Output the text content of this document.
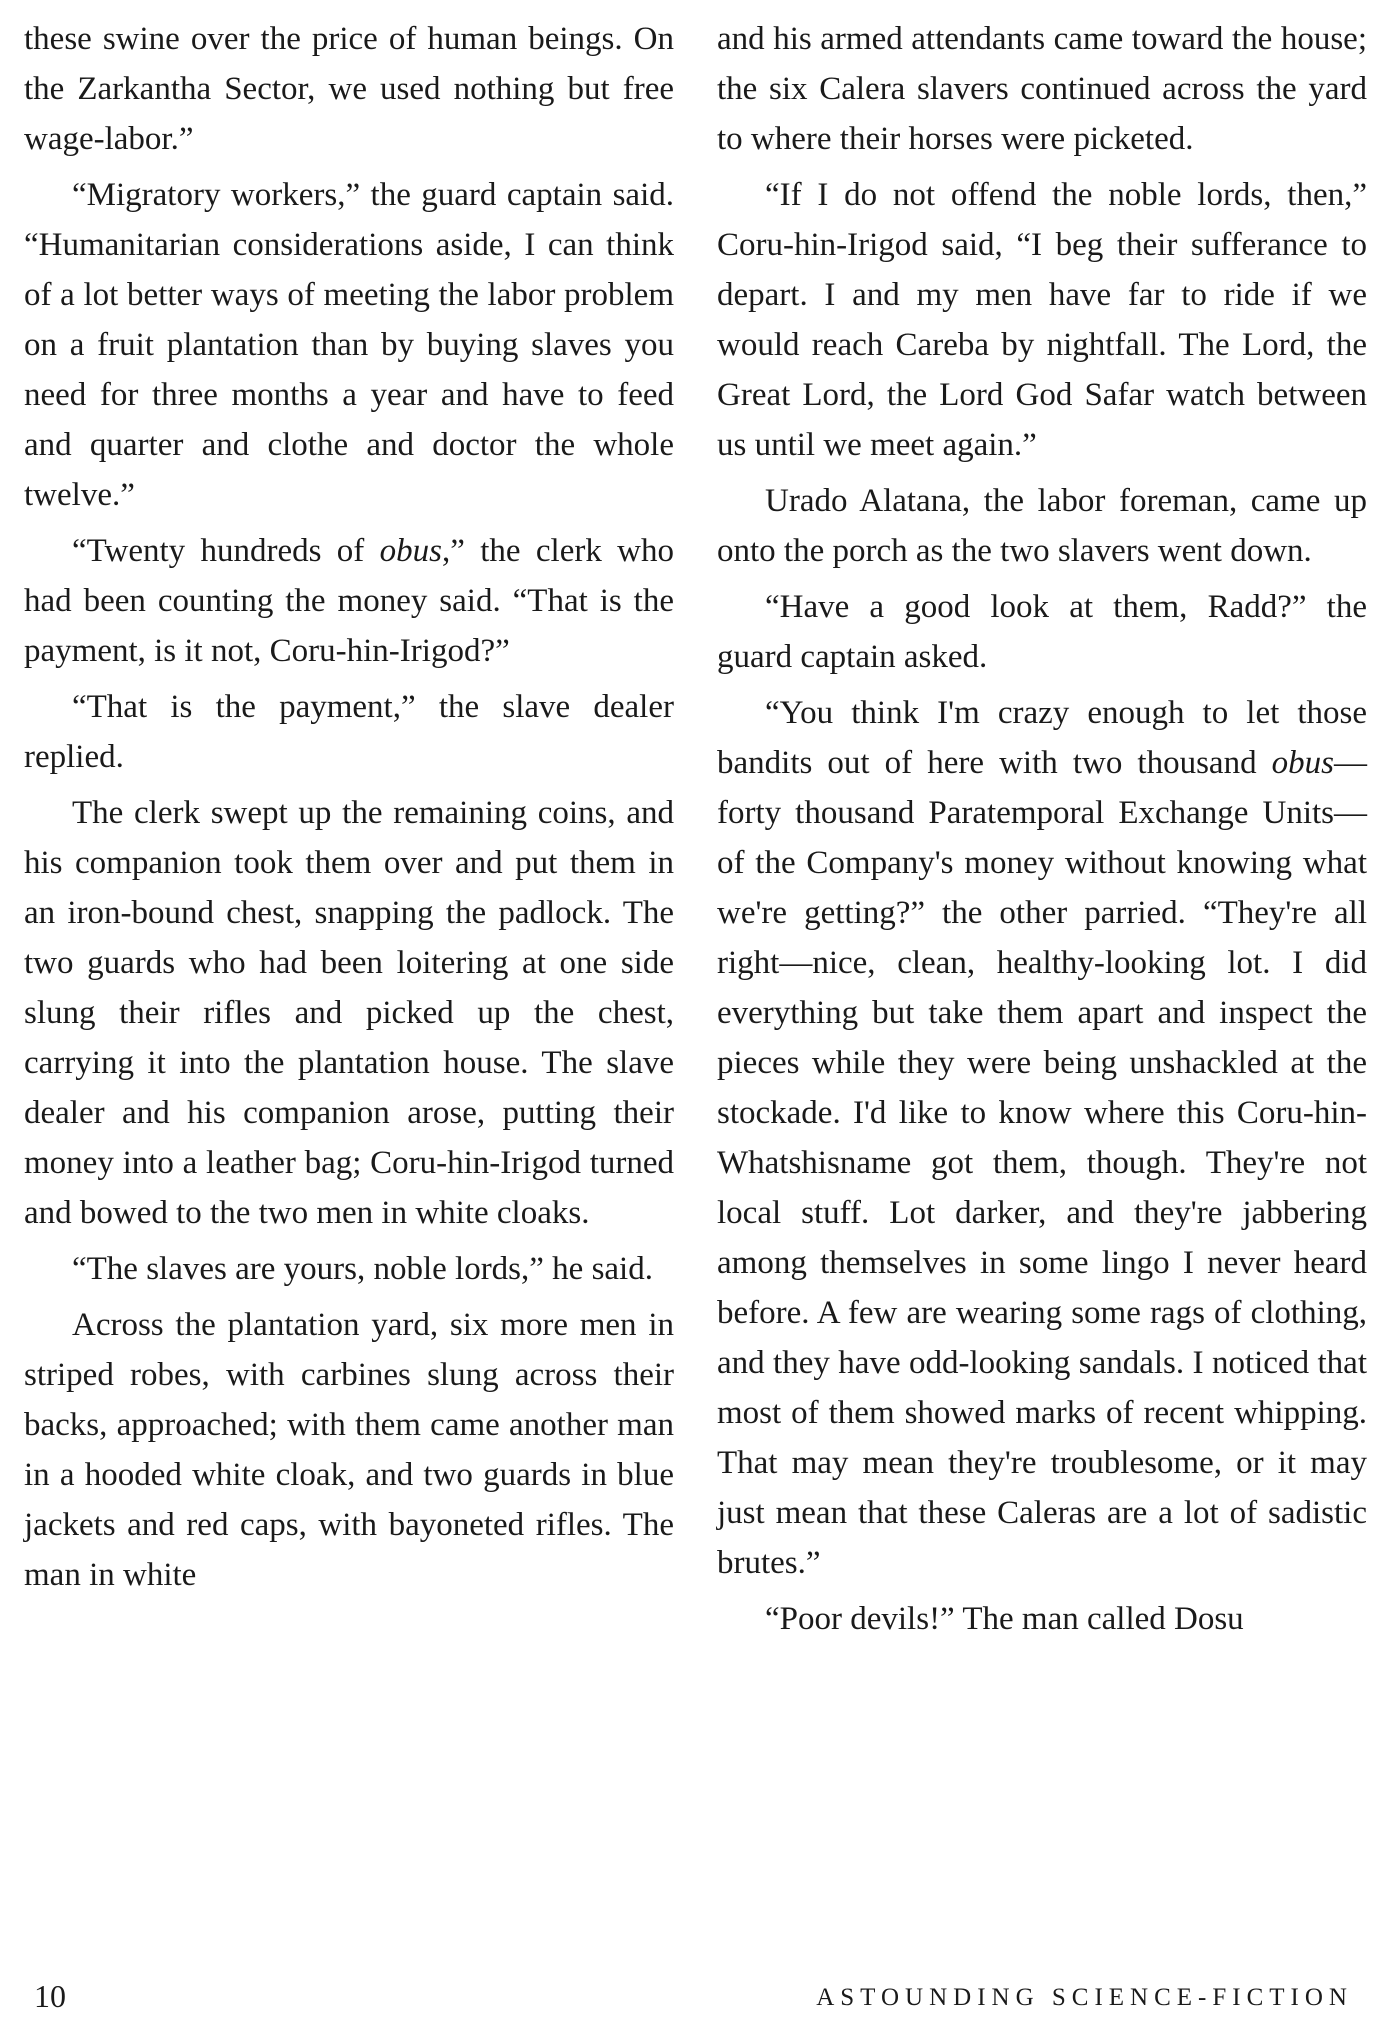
these swine over the price of human beings. On the Zarkantha Sector, we used nothing but free wage-labor.”

“Migratory workers,” the guard captain said. “Humanitarian considerations aside, I can think of a lot better ways of meeting the labor problem on a fruit plantation than by buying slaves you need for three months a year and have to feed and quarter and clothe and doctor the whole twelve.”

“Twenty hundreds of obus,” the clerk who had been counting the money said. “That is the payment, is it not, Coru-hin-Irigod?”

“That is the payment,” the slave dealer replied.

The clerk swept up the remaining coins, and his companion took them over and put them in an iron-bound chest, snapping the padlock. The two guards who had been loitering at one side slung their rifles and picked up the chest, carrying it into the plantation house. The slave dealer and his companion arose, putting their money into a leather bag; Coru-hin-Irigod turned and bowed to the two men in white cloaks.

“The slaves are yours, noble lords,” he said.

Across the plantation yard, six more men in striped robes, with carbines slung across their backs, approached; with them came another man in a hooded white cloak, and two guards in blue jackets and red caps, with bayoneted rifles. The man in white

and his armed attendants came toward the house; the six Calera slavers continued across the yard to where their horses were picketed.

“If I do not offend the noble lords, then,” Coru-hin-Irigod said, “I beg their sufferance to depart. I and my men have far to ride if we would reach Careba by nightfall. The Lord, the Great Lord, the Lord God Safar watch between us until we meet again.”

Urado Alatana, the labor foreman, came up onto the porch as the two slavers went down.

“Have a good look at them, Radd?” the guard captain asked.

“You think I'm crazy enough to let those bandits out of here with two thousand obus—forty thousand Paratemporal Exchange Units—of the Company's money without knowing what we're getting?” the other parried. “They're all right—nice, clean, healthy-looking lot. I did everything but take them apart and inspect the pieces while they were being unshackled at the stockade. I'd like to know where this Coru-hin-Whatshisname got them, though. They're not local stuff. Lot darker, and they're jabbering among themselves in some lingo I never heard before. A few are wearing some rags of clothing, and they have odd-looking sandals. I noticed that most of them showed marks of recent whipping. That may mean they're troublesome, or it may just mean that these Caleras are a lot of sadistic brutes.”

“Poor devils!” The man called Dosu

10	ASTOUNDING SCIENCE-FICTION
